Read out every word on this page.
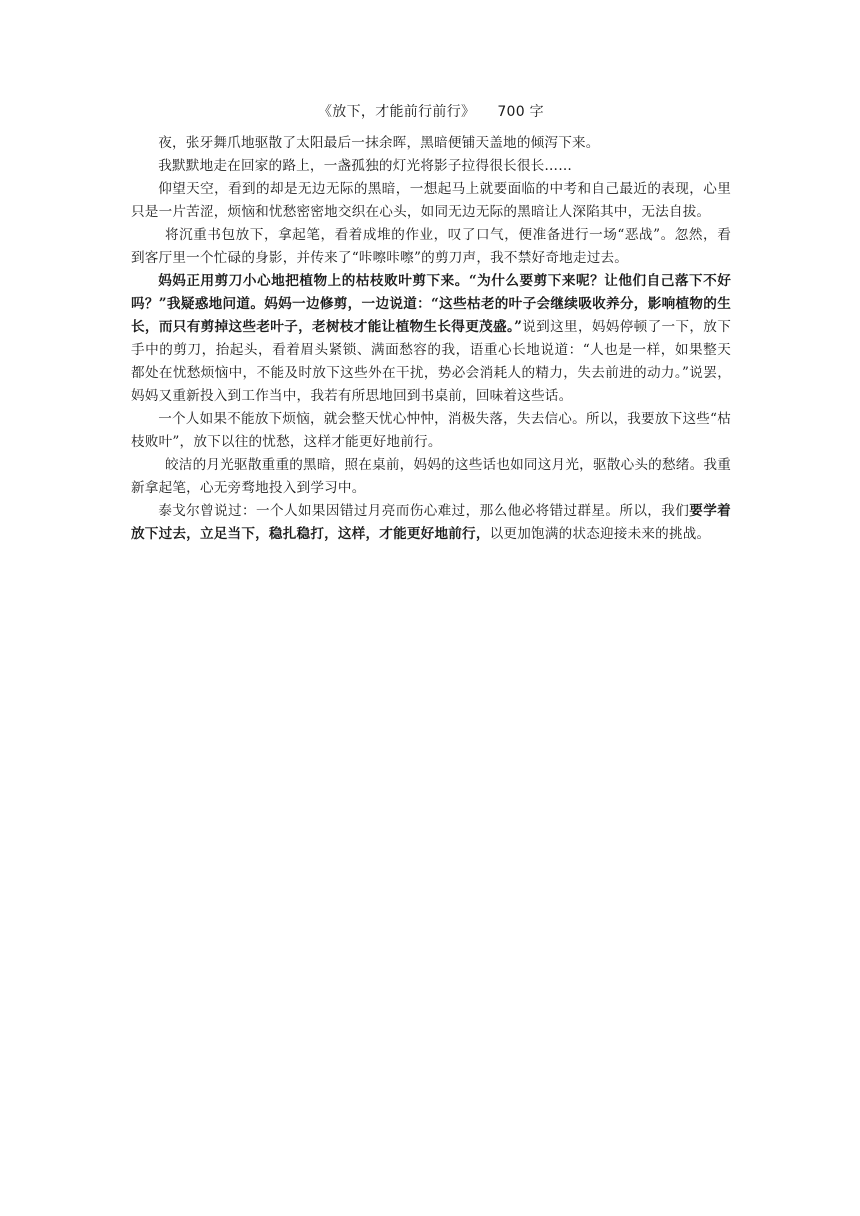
《放下，才能前行前行》 700 字

夜，张牙舞爪地驱散了太阳最后一抹余晖，黑暗便铺天盖地的倾泻下来。

我默默地走在回家的路上，一盏孤独的灯光将影子拉得很长很长……

仰望天空，看到的却是无边无际的黑暗，一想起马上就要面临的中考和自己最近的表现，心里只是一片苦涩，烦恼和忧愁密密地交织在心头，如同无边无际的黑暗让人深陷其中，无法自拔。

将沉重书包放下，拿起笔，看着成堆的作业，叹了口气，便准备进行一场“恶战”。忽然，看到客厅里一个忙碌的身影，并传来了“咔嚓咔嚓”的剪刀声，我不禁好奇地走过去。

妈妈正用剪刀小心地把植物上的枯枝败叶剪下来。“为什么要剪下来呢？让他们自己落下不好吗？”我疑惑地问道。妈妈一边修剪，一边说道：“这些枯老的叶子会继续吸收养分，影响植物的生长，而只有剪掉这些老叶子，老树枝才能让植物生长得更茂盛。”说到这里，妈妈停顿了一下，放下手中的剪刀，抬起头，看着眉头紧锁、满面愁容的我，语重心长地说道：“人也是一样，如果整天都处在忧愁烦恼中，不能及时放下这些外在干扰，势必会消耗人的精力，失去前进的动力。”说罢，妈妈又重新投入到工作当中，我若有所思地回到书桌前，回味着这些话。

一个人如果不能放下烦恼，就会整天忧心忡忡，消极失落，失去信心。所以，我要放下这些“枯枝败叶”，放下以往的忧愁，这样才能更好地前行。

皎洁的月光驱散重重的黑暗，照在桌前，妈妈的这些话也如同这月光，驱散心头的愁绪。我重新拿起笔，心无旁骛地投入到学习中。

泰戈尔曾说过：一个人如果因错过月亮而伤心难过，那么他必将错过群星。所以，我们要学着放下过去，立足当下，稳扎稳打，这样，才能更好地前行，以更加饱满的状态迎接未来的挑战。
